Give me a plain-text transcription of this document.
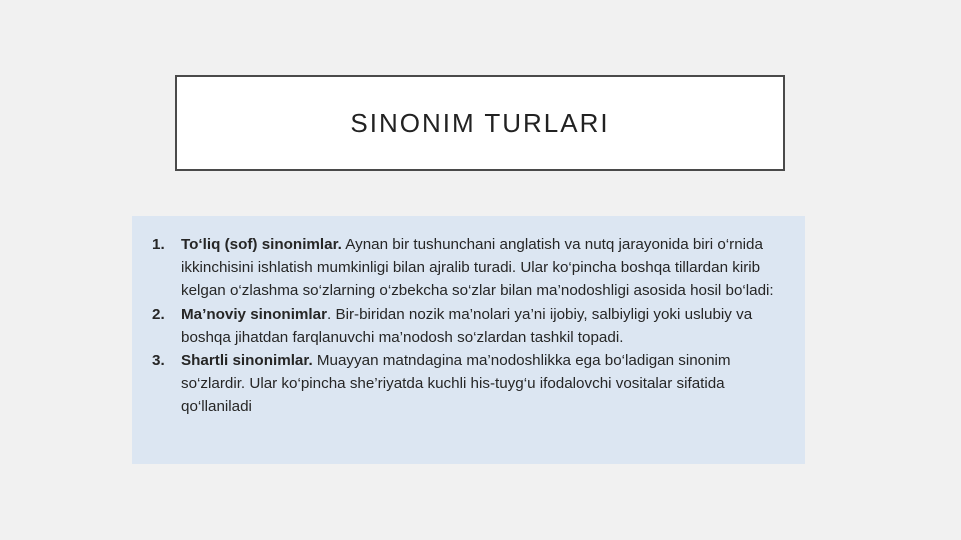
SINONIM TURLARI
1.	To‘liq (sof) sinonimlar. Aynan bir tushunchani anglatish va nutq jarayonida biri o‘rnida ikkinchisini ishlatish mumkinligi bilan ajralib turadi. Ular ko‘pincha boshqa tillardan kirib kelgan o‘zlashma so‘zlarning o‘zbekcha so‘zlar bilan ma’nodoshligi asosida hosil bo‘ladi:
2.	Ma’noviy sinonimlar. Bir-biridan nozik ma’nolari ya’ni ijobiy, salbiyligi yoki uslubiy va boshqa jihatdan farqlanuvchi ma’nodosh so‘zlardan tashkil topadi.
3.	Shartli sinonimlar. Muayyan matndagina ma’nodoshlikka ega bo‘ladigan sinonim so‘zlardir. Ular ko‘pincha she’riyatda kuchli his-tuyg‘u ifodalovchi vositalar sifatida qo‘llaniladi
